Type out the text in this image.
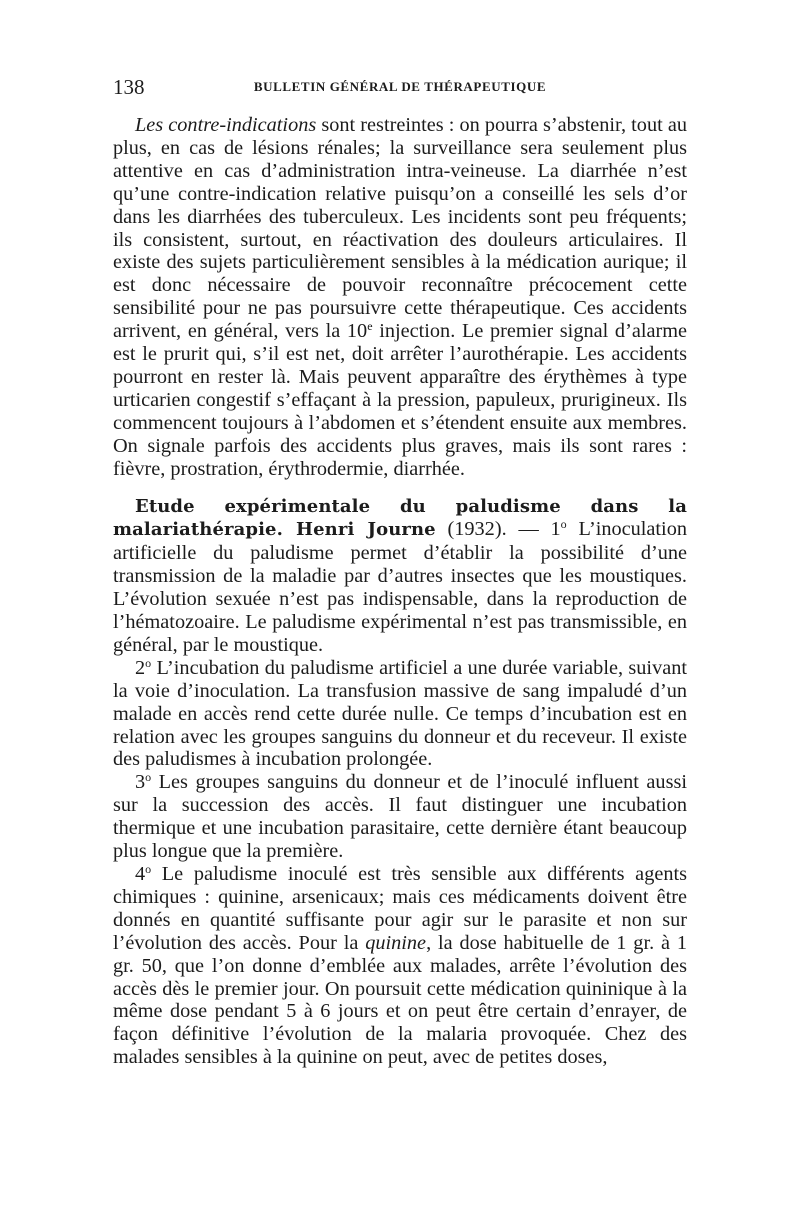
138	BULLETIN GÉNÉRAL DE THÉRAPEUTIQUE

Les contre-indications sont restreintes : on pourra s’abstenir, tout au plus, en cas de lésions rénales; la surveillance sera seulement plus attentive en cas d’administration intra-veineuse. La diarrhée n’est qu’une contre-indication relative puisqu’on a conseillé les sels d’or dans les diarrhées des tuberculeux. Les incidents sont peu fréquents; ils consistent, surtout, en réactivation des douleurs articulaires. Il existe des sujets particulièrement sensibles à la médication aurique; il est donc nécessaire de pouvoir reconnaître précocement cette sensibilité pour ne pas poursuivre cette thérapeutique. Ces accidents arrivent, en général, vers la 10e injection. Le premier signal d’alarme est le prurit qui, s’il est net, doit arrêter l’aurothérapie. Les accidents pourront en rester là. Mais peuvent apparaître des érythèmes à type urticarien congestif s’effaçant à la pression, papuleux, prurigineux. Ils commencent toujours à l’abdomen et s’étendent ensuite aux membres. On signale parfois des accidents plus graves, mais ils sont rares : fièvre, prostration, érythrodermie, diarrhée.

Etude expérimentale du paludisme dans la malariathérapie. Henri Journe (1932). — 1$^o$ L’inoculation artificielle du paludisme permet d’établir la possibilité d’une transmission de la maladie par d’autres insectes que les moustiques. L’évolution sexuée n’est pas indispensable, dans la reproduction de l’hématozoaire. Le paludisme expérimental n’est pas transmissible, en général, par le moustique.

2$^o$ L’incubation du paludisme artificiel a une durée variable, suivant la voie d’inoculation. La transfusion massive de sang impaludé d’un malade en accès rend cette durée nulle. Ce temps d’incubation est en relation avec les groupes sanguins du donneur et du receveur. Il existe des paludismes à incubation prolongée.

3$^o$ Les groupes sanguins du donneur et de l’inoculé influent aussi sur la succession des accès. Il faut distinguer une incubation thermique et une incubation parasitaire, cette dernière étant beaucoup plus longue que la première.

4$^o$ Le paludisme inoculé est très sensible aux différents agents chimiques : quinine, arsenicaux; mais ces médicaments doivent être donnés en quantité suffisante pour agir sur le parasite et non sur l’évolution des accès. Pour la quinine, la dose habituelle de 1 gr. à 1 gr. 50, que l’on donne d’emblée aux malades, arrête l’évolution des accès dès le premier jour. On poursuit cette médication quininique à la même dose pendant 5 à 6 jours et on peut être certain d’enrayer, de façon définitive l’évolution de la malaria provoquée. Chez des malades sensibles à la quinine on peut, avec de petites doses,
